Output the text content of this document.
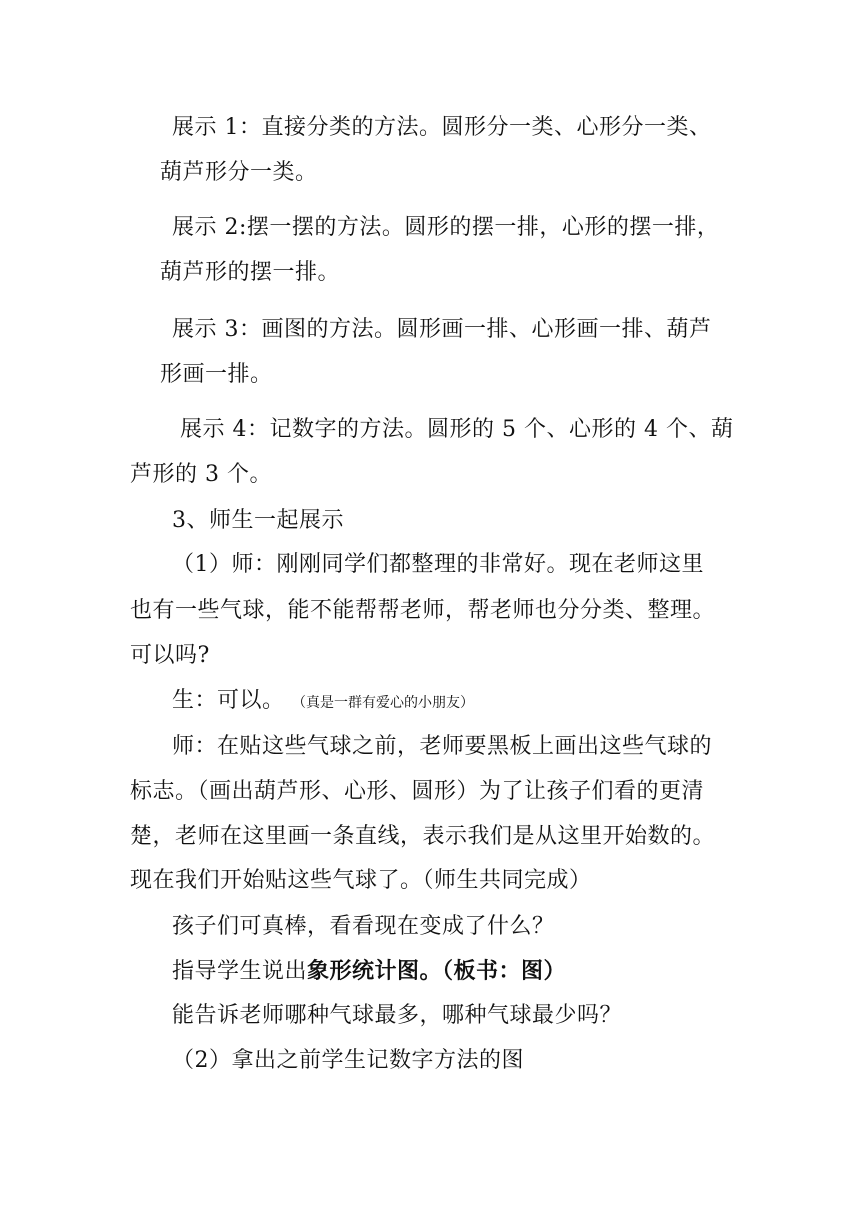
展示 1：直接分类的方法。圆形分一类、心形分一类、
葫芦形分一类。
展示 2:摆一摆的方法。圆形的摆一排，心形的摆一排，
葫芦形的摆一排。
展示 3：画图的方法。圆形画一排、心形画一排、葫芦
形画一排。
展示 4：记数字的方法。圆形的 5 个、心形的 4 个、葫
芦形的 3 个。
3、师生一起展示
（1）师：刚刚同学们都整理的非常好。现在老师这里
也有一些气球，能不能帮帮老师，帮老师也分分类、整理。
可以吗?
生：可以。 （真是一群有爱心的小朋友）
师：在贴这些气球之前，老师要黑板上画出这些气球的
标志。（画出葫芦形、心形、圆形）为了让孩子们看的更清
楚，老师在这里画一条直线，表示我们是从这里开始数的。
现在我们开始贴这些气球了。（师生共同完成）
孩子们可真棒，看看现在变成了什么？
指导学生说出象形统计图。（板书：图）
能告诉老师哪种气球最多，哪种气球最少吗？
（2）拿出之前学生记数字方法的图
